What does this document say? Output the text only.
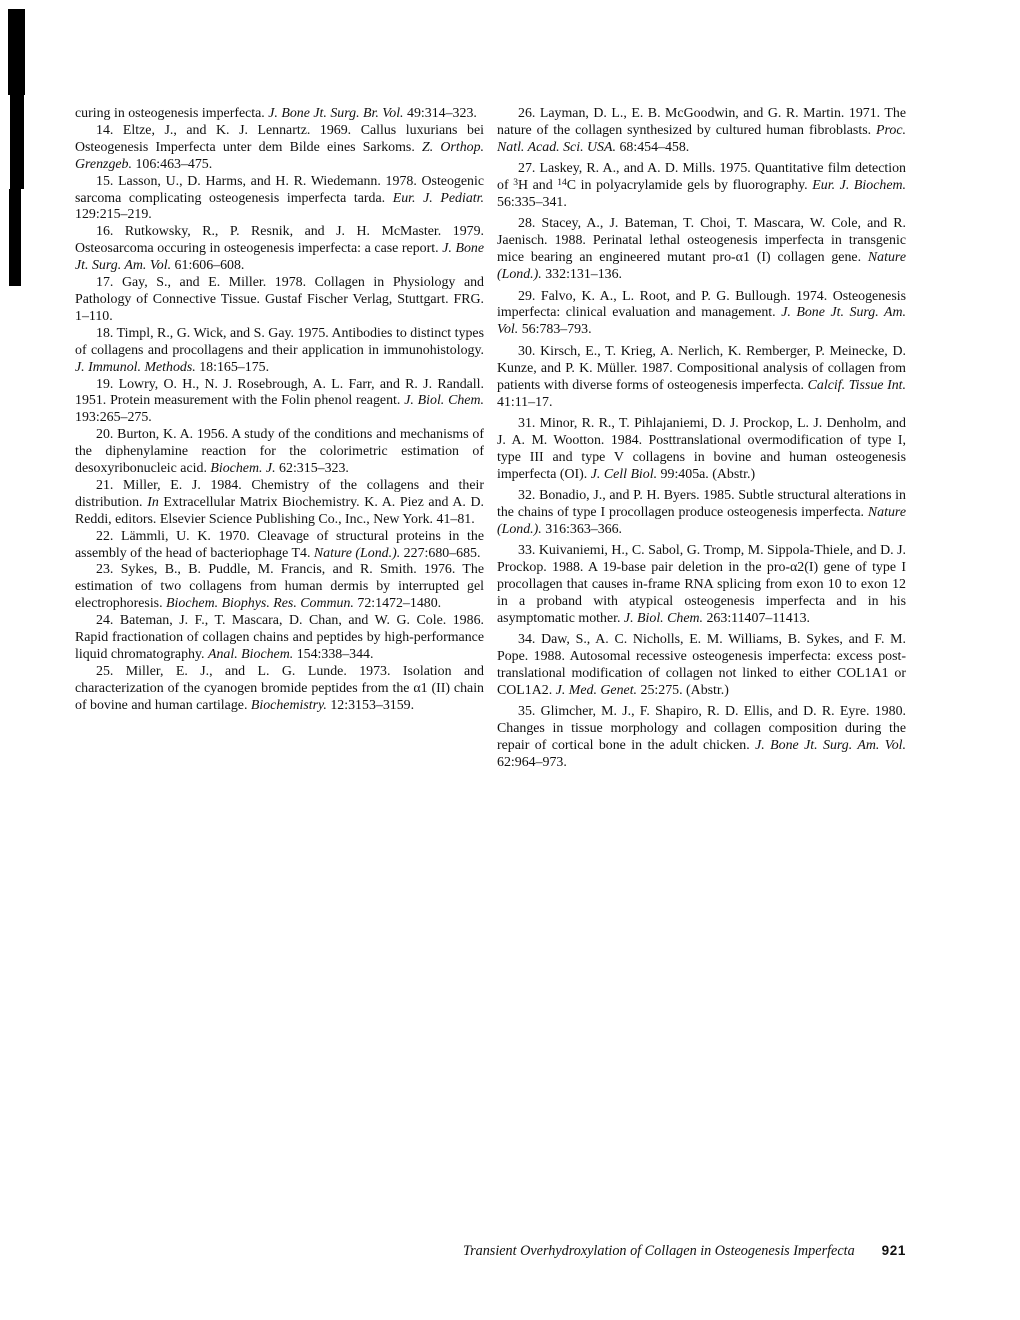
curing in osteogenesis imperfecta. J. Bone Jt. Surg. Br. Vol. 49:314–323.

14. Eltze, J., and K. J. Lennartz. 1969. Callus luxurians bei Osteogenesis Imperfecta unter dem Bilde eines Sarkoms. Z. Orthop. Grenzgeb. 106:463–475.

15. Lasson, U., D. Harms, and H. R. Wiedemann. 1978. Osteogenic sarcoma complicating osteogenesis imperfecta tarda. Eur. J. Pediatr. 129:215–219.

16. Rutkowsky, R., P. Resnik, and J. H. McMaster. 1979. Osteosarcoma occuring in osteogenesis imperfecta: a case report. J. Bone Jt. Surg. Am. Vol. 61:606–608.

17. Gay, S., and E. Miller. 1978. Collagen in Physiology and Pathology of Connective Tissue. Gustaf Fischer Verlag, Stuttgart. FRG. 1–110.

18. Timpl, R., G. Wick, and S. Gay. 1975. Antibodies to distinct types of collagens and procollagens and their application in immunohistology. J. Immunol. Methods. 18:165–175.

19. Lowry, O. H., N. J. Rosebrough, A. L. Farr, and R. J. Randall. 1951. Protein measurement with the Folin phenol reagent. J. Biol. Chem. 193:265–275.

20. Burton, K. A. 1956. A study of the conditions and mechanisms of the diphenylamine reaction for the colorimetric estimation of desoxyribonucleic acid. Biochem. J. 62:315–323.

21. Miller, E. J. 1984. Chemistry of the collagens and their distribution. In Extracellular Matrix Biochemistry. K. A. Piez and A. D. Reddi, editors. Elsevier Science Publishing Co., Inc., New York. 41–81.

22. Lämmli, U. K. 1970. Cleavage of structural proteins in the assembly of the head of bacteriophage T4. Nature (Lond.). 227:680–685.

23. Sykes, B., B. Puddle, M. Francis, and R. Smith. 1976. The estimation of two collagens from human dermis by interrupted gel electrophoresis. Biochem. Biophys. Res. Commun. 72:1472–1480.

24. Bateman, J. F., T. Mascara, D. Chan, and W. G. Cole. 1986. Rapid fractionation of collagen chains and peptides by high-performance liquid chromatography. Anal. Biochem. 154:338–344.

25. Miller, E. J., and L. G. Lunde. 1973. Isolation and characterization of the cyanogen bromide peptides from the α1 (II) chain of bovine and human cartilage. Biochemistry. 12:3153–3159.

26. Layman, D. L., E. B. McGoodwin, and G. R. Martin. 1971. The nature of the collagen synthesized by cultured human fibroblasts. Proc. Natl. Acad. Sci. USA. 68:454–458.

27. Laskey, R. A., and A. D. Mills. 1975. Quantitative film detection of $^3$H and $^{14}$C in polyacrylamide gels by fluorography. Eur. J. Biochem. 56:335–341.

28. Stacey, A., J. Bateman, T. Choi, T. Mascara, W. Cole, and R. Jaenisch. 1988. Perinatal lethal osteogenesis imperfecta in transgenic mice bearing an engineered mutant pro-α1 (I) collagen gene. Nature (Lond.). 332:131–136.

29. Falvo, K. A., L. Root, and P. G. Bullough. 1974. Osteogenesis imperfecta: clinical evaluation and management. J. Bone Jt. Surg. Am. Vol. 56:783–793.

30. Kirsch, E., T. Krieg, A. Nerlich, K. Remberger, P. Meinecke, D. Kunze, and P. K. Müller. 1987. Compositional analysis of collagen from patients with diverse forms of osteogenesis imperfecta. Calcif. Tissue Int. 41:11–17.

31. Minor, R. R., T. Pihlajaniemi, D. J. Prockop, L. J. Denholm, and J. A. M. Wootton. 1984. Posttranslational overmodification of type I, type III and type V collagens in bovine and human osteogenesis imperfecta (OI). J. Cell Biol. 99:405a. (Abstr.)

32. Bonadio, J., and P. H. Byers. 1985. Subtle structural alterations in the chains of type I procollagen produce osteogenesis imperfecta. Nature (Lond.). 316:363–366.

33. Kuivaniemi, H., C. Sabol, G. Tromp, M. Sippola-Thiele, and D. J. Prockop. 1988. A 19-base pair deletion in the pro-α2(I) gene of type I procollagen that causes in-frame RNA splicing from exon 10 to exon 12 in a proband with atypical osteogenesis imperfecta and in his asymptomatic mother. J. Biol. Chem. 263:11407–11413.

34. Daw, S., A. C. Nicholls, E. M. Williams, B. Sykes, and F. M. Pope. 1988. Autosomal recessive osteogenesis imperfecta: excess post-translational modification of collagen not linked to either COL1A1 or COL1A2. J. Med. Genet. 25:275. (Abstr.)

35. Glimcher, M. J., F. Shapiro, R. D. Ellis, and D. R. Eyre. 1980. Changes in tissue morphology and collagen composition during the repair of cortical bone in the adult chicken. J. Bone Jt. Surg. Am. Vol. 62:964–973.

Transient Overhydroxylation of Collagen in Osteogenesis Imperfecta 921
